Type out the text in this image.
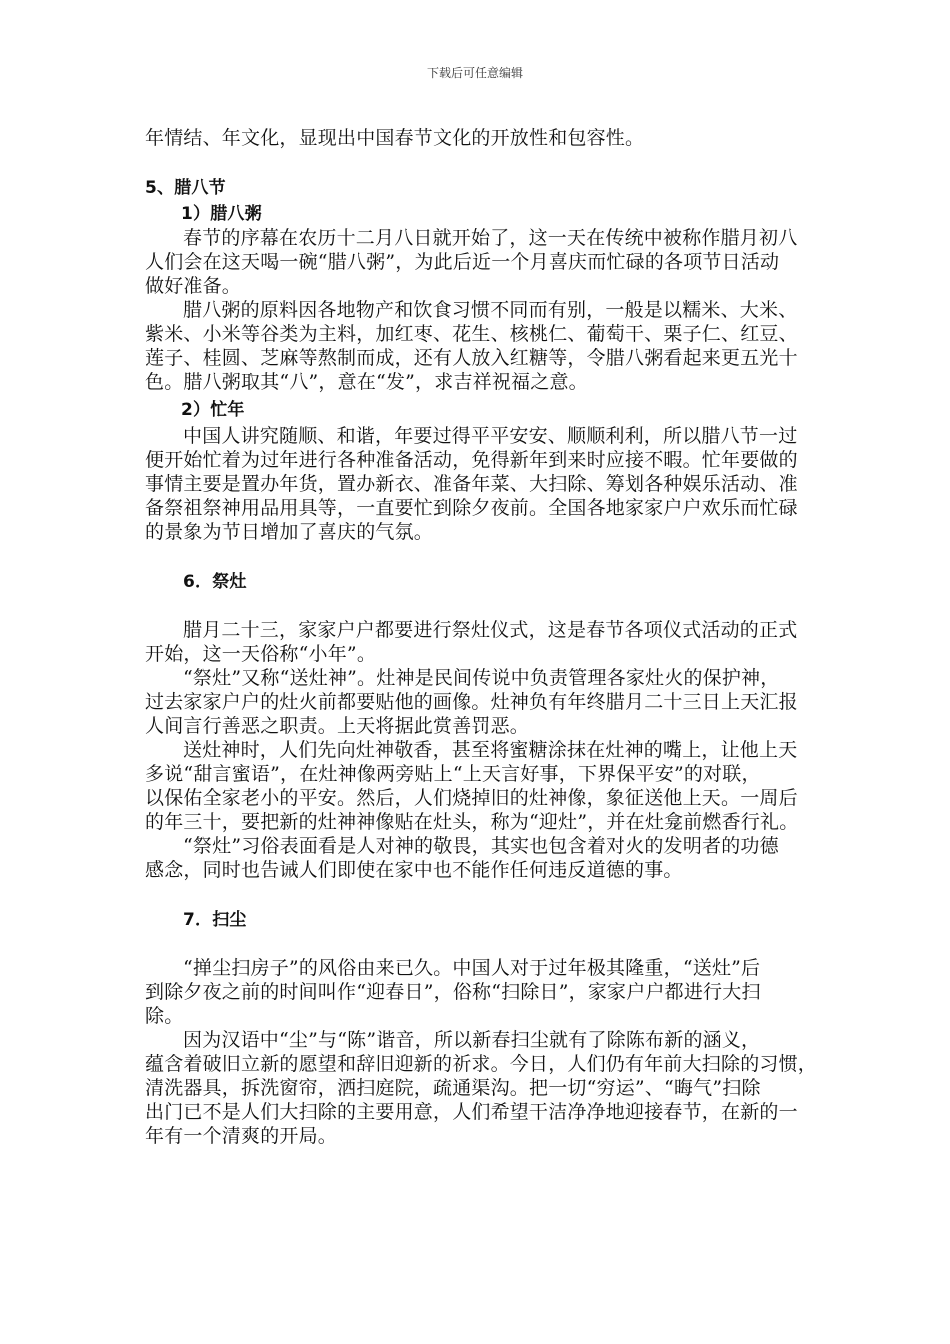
下载后可任意编辑
年情结、年文化，显现出中国春节文化的开放性和包容性。
5、腊八节
1）腊八粥
春节的序幕在农历十二月八日就开始了，这一天在传统中被称作腊月初八
人们会在这天喝一碗“腊八粥”，为此后近一个月喜庆而忙碌的各项节日活动
做好准备。
腊八粥的原料因各地物产和饮食习惯不同而有别，一般是以糯米、大米、
紫米、小米等谷类为主料，加红枣、花生、核桃仁、葡萄干、栗子仁、红豆、
莲子、桂圆、芝麻等熬制而成，还有人放入红糖等，令腊八粥看起来更五光十
色。腊八粥取其“八”，意在“发”，求吉祥祝福之意。
2）忙年
中国人讲究随顺、和谐，年要过得平平安安、顺顺利利，所以腊八节一过
便开始忙着为过年进行各种准备活动，免得新年到来时应接不暇。忙年要做的
事情主要是置办年货，置办新衣、准备年菜、大扫除、筹划各种娱乐活动、准
备祭祖祭神用品用具等，一直要忙到除夕夜前。全国各地家家户户欢乐而忙碌
的景象为节日增加了喜庆的气氛。
6．祭灶
腊月二十三，家家户户都要进行祭灶仪式，这是春节各项仪式活动的正式
开始，这一天俗称“小年”。
“祭灶”又称“送灶神”。灶神是民间传说中负责管理各家灶火的保护神，
过去家家户户的灶火前都要贴他的画像。灶神负有年终腊月二十三日上天汇报
人间言行善恶之职责。上天将据此赏善罚恶。
送灶神时，人们先向灶神敬香，甚至将蜜糖涂抹在灶神的嘴上，让他上天
多说“甜言蜜语”，在灶神像两旁贴上“上天言好事，下界保平安”的对联，
以保佑全家老小的平安。然后，人们烧掉旧的灶神像，象征送他上天。一周后
的年三十，要把新的灶神神像贴在灶头，称为“迎灶”，并在灶龛前燃香行礼。
“祭灶”习俗表面看是人对神的敬畏，其实也包含着对火的发明者的功德
感念，同时也告诫人们即使在家中也不能作任何违反道德的事。
7．扫尘
“掸尘扫房子”的风俗由来已久。中国人对于过年极其隆重，“送灶”后
到除夕夜之前的时间叫作“迎春日”，俗称“扫除日”，家家户户都进行大扫
除。
因为汉语中“尘”与“陈”谐音，所以新春扫尘就有了除陈布新的涵义，
蕴含着破旧立新的愿望和辞旧迎新的祈求。今日，人们仍有年前大扫除的习惯，
清洗器具，拆洗窗帘，洒扫庭院，疏通渠沟。把一切“穷运”、“晦气”扫除
出门已不是人们大扫除的主要用意，人们希望干洁净净地迎接春节，在新的一
年有一个清爽的开局。
